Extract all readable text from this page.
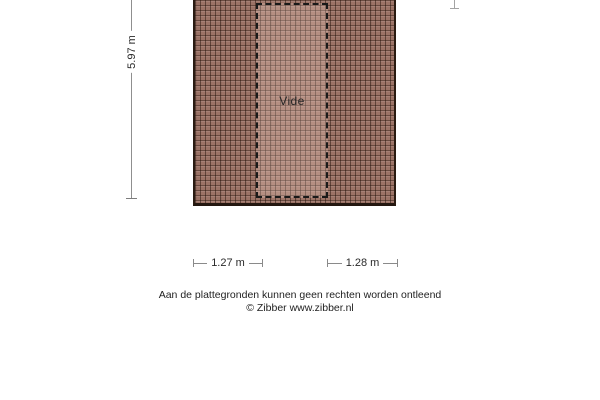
Vide
5.97 m
1.27 m	1.28 m
Aan de plattegronden kunnen geen rechten worden ontleend
© Zibber www.zibber.nl
